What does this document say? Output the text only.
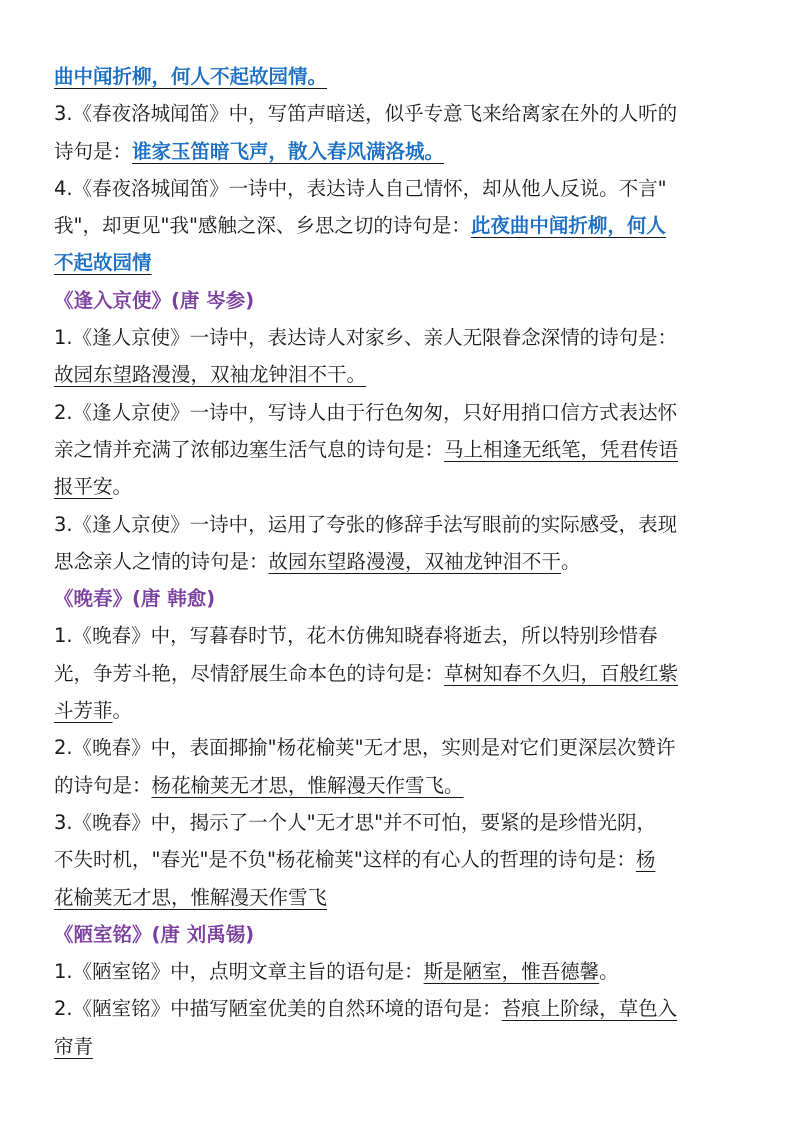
曲中闻折柳，何人不起故园情。
3.《春夜洛城闻笛》中，写笛声暗送，似乎专意飞来给离家在外的人听的
诗句是：谁家玉笛暗飞声，散入春风满洛城。
4.《春夜洛城闻笛》一诗中，表达诗人自己情怀，却从他人反说。不言"
我"，却更见"我"感触之深、乡思之切的诗句是：此夜曲中闻折柳，何人
不起故园情
《逢入京使》(唐 岑参)
1.《逢人京使》一诗中，表达诗人对家乡、亲人无限眷念深情的诗句是：
故园东望路漫漫，双袖龙钟泪不干。
2.《逢人京使》一诗中，写诗人由于行色匆匆，只好用捎口信方式表达怀
亲之情并充满了浓郁边塞生活气息的诗句是：马上相逢无纸笔，凭君传语
报平安。
3.《逢人京使》一诗中，运用了夸张的修辞手法写眼前的实际感受，表现
思念亲人之情的诗句是：故园东望路漫漫，双袖龙钟泪不干。
《晚春》(唐 韩愈)
1.《晚春》中，写暮春时节，花木仿佛知晓春将逝去，所以特别珍惜春
光，争芳斗艳，尽情舒展生命本色的诗句是：草树知春不久归，百般红紫
斗芳菲。
2.《晚春》中，表面揶揄"杨花榆荚"无才思，实则是对它们更深层次赞许
的诗句是：杨花榆荚无才思，惟解漫天作雪飞。
3.《晚春》中，揭示了一个人"无才思"并不可怕，要紧的是珍惜光阴，
不失时机，"春光"是不负"杨花榆荚"这样的有心人的哲理的诗句是：杨
花榆荚无才思，惟解漫天作雪飞
《陋室铭》(唐 刘禹锡)
1.《陋室铭》中，点明文章主旨的语句是：斯是陋室，惟吾德馨。
2.《陋室铭》中描写陋室优美的自然环境的语句是：苔痕上阶绿，草色入
帘青
